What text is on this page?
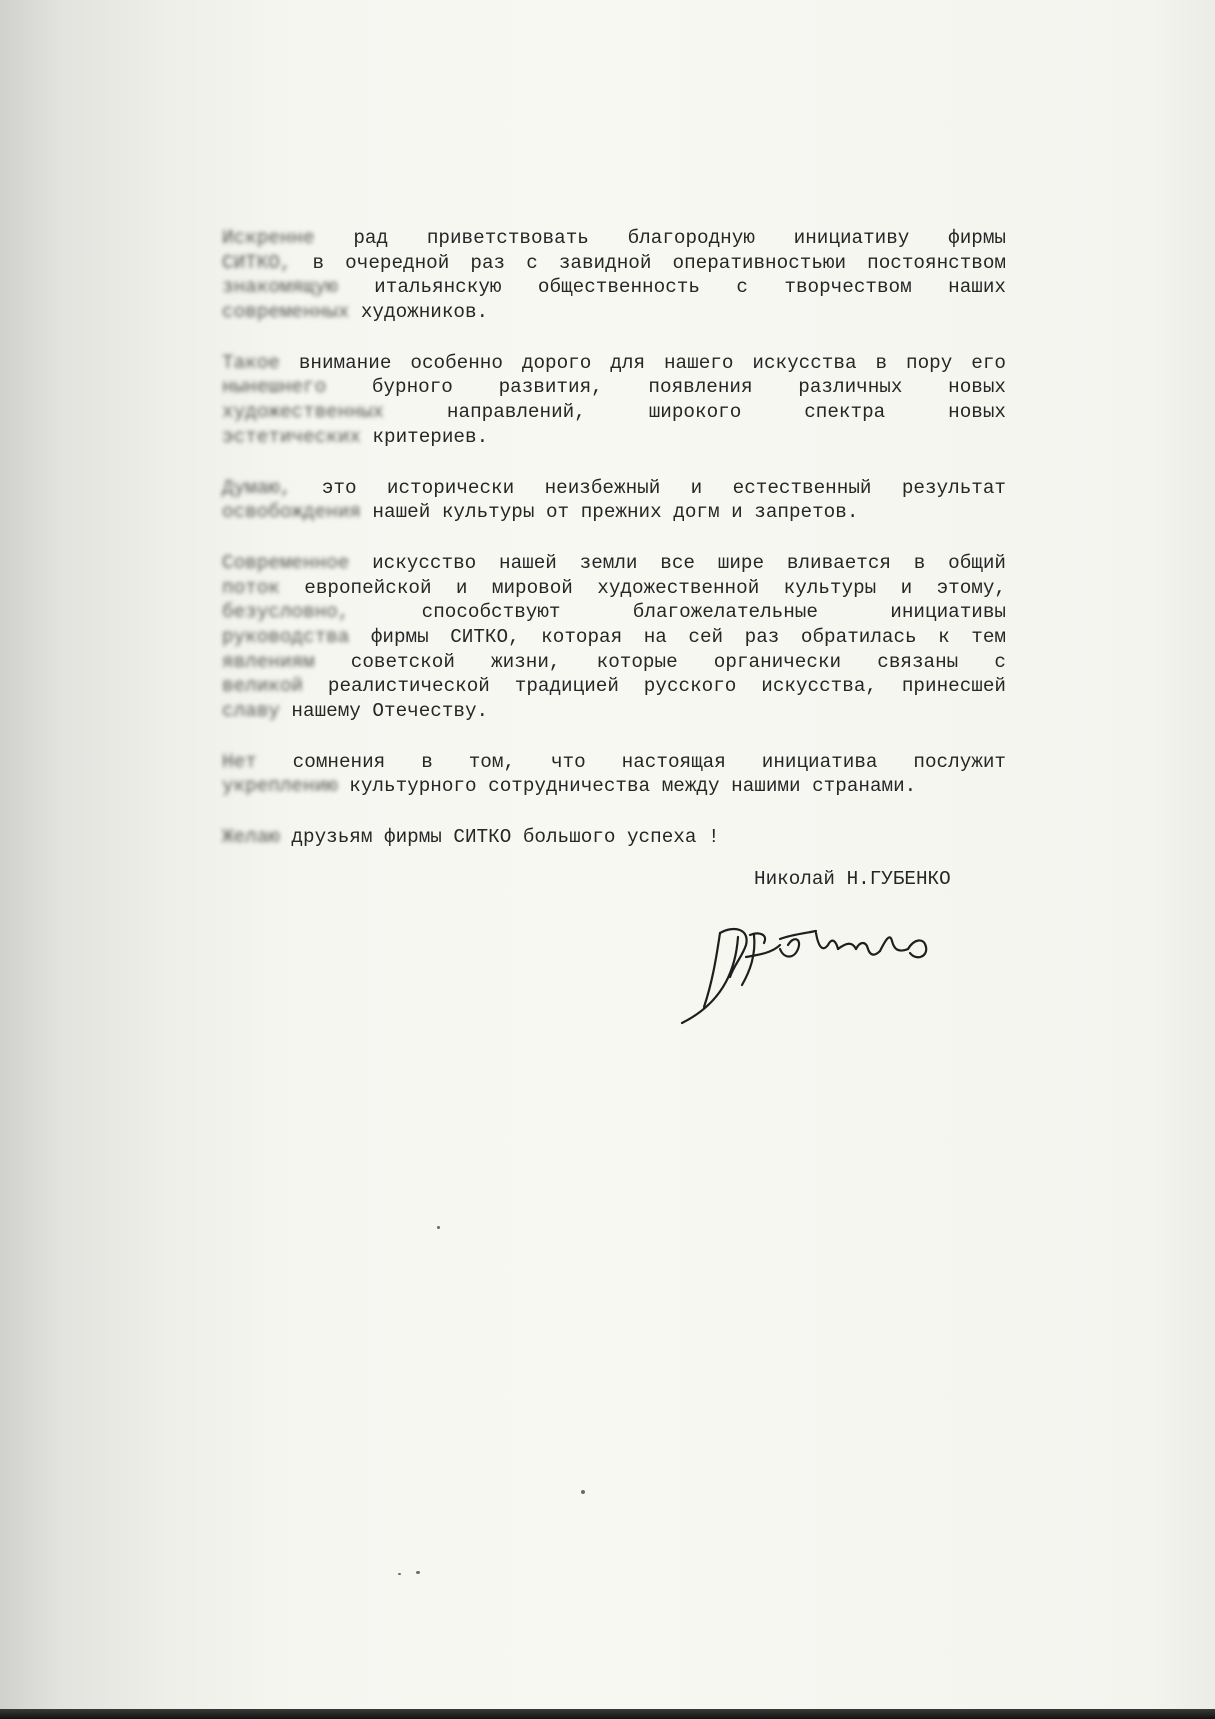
Искренне рад приветствовать благородную инициативу фирмы
СИТКО, в очередной раз с завидной оперативностьюи постоянством
знакомящую итальянскую общественность с творчеством наших
современных художников.
Такое внимание особенно дорого для нашего искусства в пору его
нынешнего бурного развития, появления различных новых
художественных направлений, широкого спектра новых
эстетических критериев.
Думаю, это исторически неизбежный и естественный результат
освобождения нашей культуры от прежних догм и запретов.
Современное искусство нашей земли все шире вливается в общий
поток европейской и мировой художественной культуры и этому,
безусловно, способствуют благожелательные инициативы
руководства фирмы СИТКО, которая на сей раз обратилась к тем
явлениям советской жизни, которые органически связаны с
великой реалистической традицией русского искусства, принесшей
славу нашему Отечеству.
Нет сомнения в том, что настоящая инициатива послужит
укреплению культурного сотрудничества между нашими странами.
Желаю друзьям фирмы СИТКО большого успеха !
Николай Н.ГУБЕНКО
